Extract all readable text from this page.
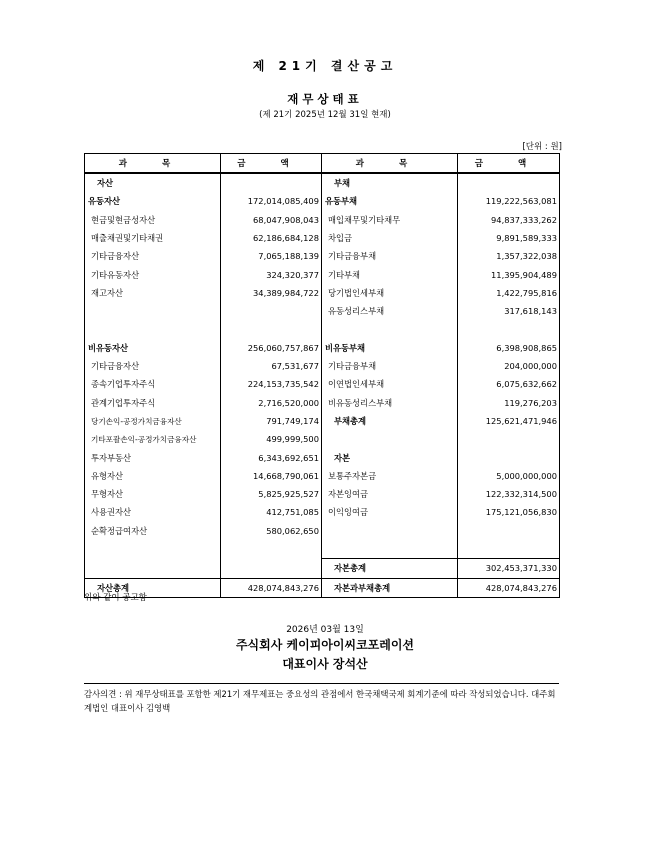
제 21기 결산공고
재무상태표
(제 21기 2025년 12월 31일 현재)
[단위 : 원]
과 목	금 액	과 목	금 액
자산		부채	
유동자산	172,014,085,409	유동부채	119,222,563,081
현금및현금성자산	68,047,908,043	매입채무및기타채무	94,837,333,262
매출채권및기타채권	62,186,684,128	차입금	9,891,589,333
기타금융자산	7,065,188,139	기타금융부채	1,357,322,038
기타유동자산	324,320,377	기타부채	11,395,904,489
재고자산	34,389,984,722	당기법인세부채	1,422,795,816
		유동성리스부채	317,618,143

비유동자산	256,060,757,867	비유동부채	6,398,908,865
기타금융자산	67,531,677	기타금융부채	204,000,000
종속기업투자주식	224,153,735,542	이연법인세부채	6,075,632,662
관계기업투자주식	2,716,520,000	비유동성리스부채	119,276,203
당기손익-공정가치금융자산	791,749,174	부채총계	125,621,471,946
기타포괄손익-공정가치금융자산	499,999,500		
투자부동산	6,343,692,651	자본	
유형자산	14,668,790,061	보통주자본금	5,000,000,000
무형자산	5,825,925,527	자본잉여금	122,332,314,500
사용권자산	412,751,085	이익잉여금	175,121,056,830
순확정급여자산	580,062,650		

		자본총계	302,453,371,330
자산총계	428,074,843,276	자본과부채총계	428,074,843,276
위와 같이 공고함
2026년 03월 13일
주식회사 케이피아이씨코포레이션
대표이사 장석산
감사의견 : 위 재무상태표를 포함한 제21기 재무제표는 중요성의 관점에서 한국채택국제 회계기준에 따라 작성되었습니다. 대주회계법인 대표이사 김영백
